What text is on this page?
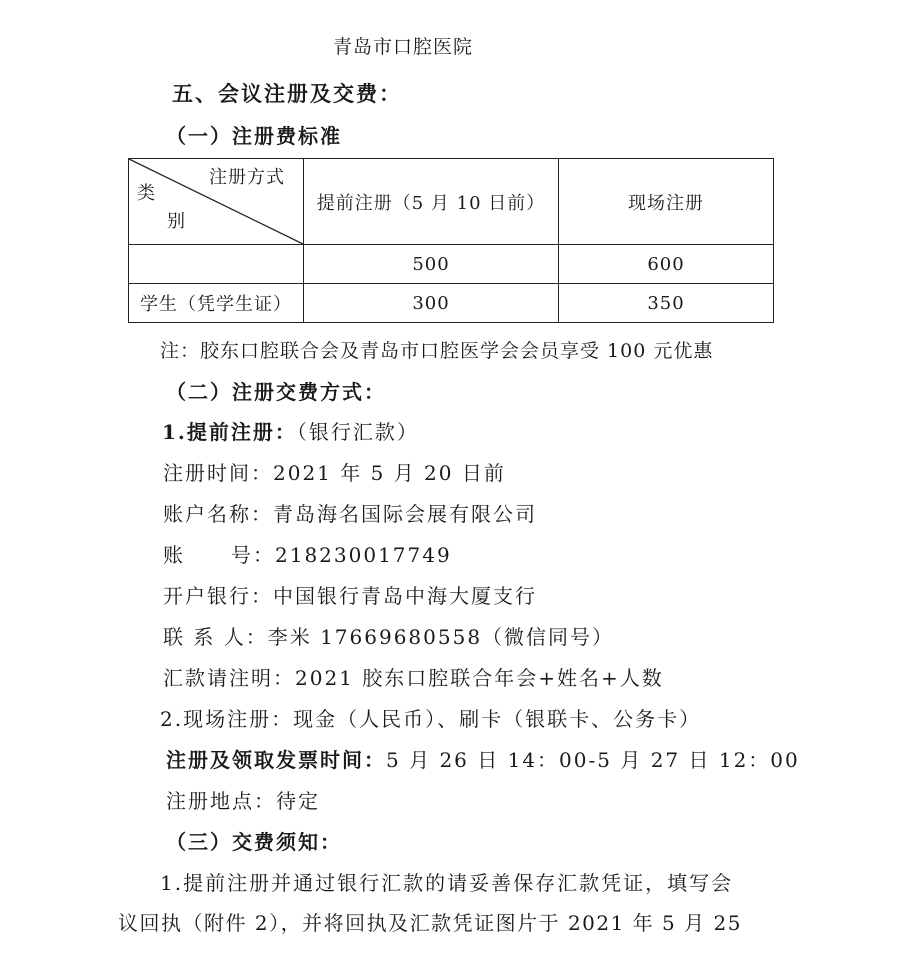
青岛市口腔医院
五、会议注册及交费：
（一）注册费标准
注册方式
类
别	提前注册（5 月 10 日前）	现场注册
	500	600
学生（凭学生证）	300	350
注：胶东口腔联合会及青岛市口腔医学会会员享受 100 元优惠
（二）注册交费方式：
1.提前注册：（银行汇款）
注册时间：2021 年 5 月 20 日前
账户名称：青岛海名国际会展有限公司
账 号：218230017749
开户银行：中国银行青岛中海大厦支行
联 系 人：李米 17669680558（微信同号）
汇款请注明：2021 胶东口腔联合年会+姓名+人数
2.现场注册：现金（人民币）、刷卡（银联卡、公务卡）
注册及领取发票时间：5 月 26 日 14：00-5 月 27 日 12：00
注册地点：待定
（三）交费须知：
1.提前注册并通过银行汇款的请妥善保存汇款凭证，填写会
议回执（附件 2），并将回执及汇款凭证图片于 2021 年 5 月 25
